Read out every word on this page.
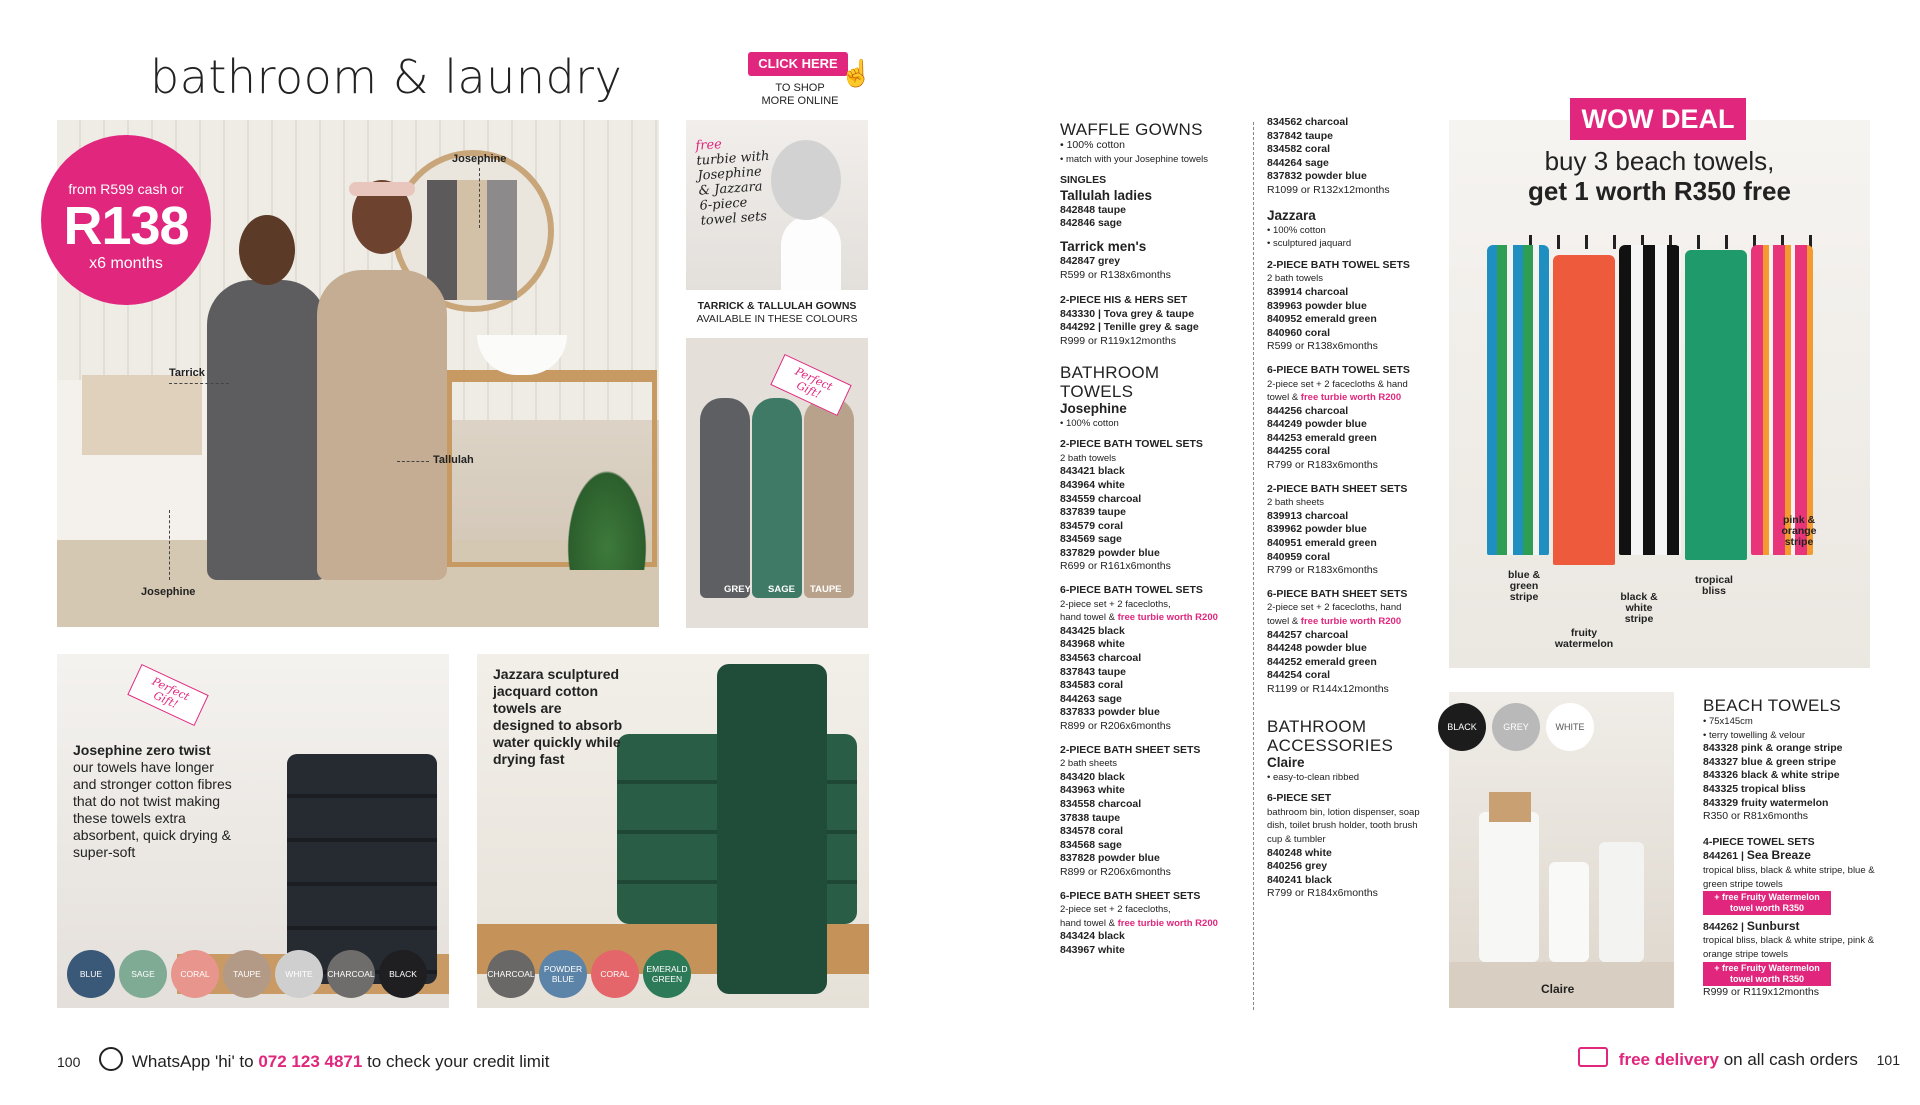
bathroom & laundry	CLICK HERE ☝
TO SHOP
MORE ONLINE
Josephine
Tarrick
Tallulah
Josephine
from R599 cash or
R138
x6 months
free
turbie with
Josephine
& Jazzara
6-piece
towel sets
TARRICK & TALLULAH GOWNS
AVAILABLE IN THESE COLOURS
GREY SAGE TAUPE
Perfect Gift!
Perfect Gift!
Josephine zero twist
our towels have longer and stronger cotton fibres that do not twist making these towels extra absorbent, quick drying & super-soft
BLUE	SAGE	CORAL	TAUPE	WHITE	CHARCOAL	BLACK
Jazzara sculptured jacquard cotton towels are designed to absorb water quickly while drying fast
CHARCOAL	POWDER BLUE	CORAL	EMERALD GREEN
100	WhatsApp 'hi' to 072 123 4871 to check your credit limit
WAFFLE GOWNS
• 100% cotton
• match with your Josephine towels
SINGLES
Tallulah ladies
842848 taupe
842846 sage
Tarrick men's
842847 grey
R599 or R138x6months
2-PIECE HIS & HERS SET
843330 | Tova grey & taupe
844292 | Tenille grey & sage
R999 or R119x12months
BATHROOM
TOWELS
Josephine
• 100% cotton
2-PIECE BATH TOWEL SETS
2 bath towels
843421 black
843964 white
834559 charcoal
837839 taupe
834579 coral
834569 sage
837829 powder blue
R699 or R161x6months
6-PIECE BATH TOWEL SETS
2-piece set + 2 facecloths,
hand towel & free turbie worth R200
843425 black
843968 white
834563 charcoal
837843 taupe
834583 coral
844263 sage
837833 powder blue
R899 or R206x6months
2-PIECE BATH SHEET SETS
2 bath sheets
843420 black
843963 white
834558 charcoal
37838 taupe
834578 coral
834568 sage
837828 powder blue
R899 or R206x6months
6-PIECE BATH SHEET SETS
2-piece set + 2 facecloths,
hand towel & free turbie worth R200
843424 black
843967 white
834562 charcoal
837842 taupe
834582 coral
844264 sage
837832 powder blue
R1099 or R132x12months
Jazzara
• 100% cotton
• sculptured jaquard
2-PIECE BATH TOWEL SETS
2 bath towels
839914 charcoal
839963 powder blue
840952 emerald green
840960 coral
R599 or R138x6months
6-PIECE BATH TOWEL SETS
2-piece set + 2 facecloths & hand
towel & free turbie worth R200
844256 charcoal
844249 powder blue
844253 emerald green
844255 coral
R799 or R183x6months
2-PIECE BATH SHEET SETS
2 bath sheets
839913 charcoal
839962 powder blue
840951 emerald green
840959 coral
R799 or R183x6months
6-PIECE BATH SHEET SETS
2-piece set + 2 facecloths, hand
towel & free turbie worth R200
844257 charcoal
844248 powder blue
844252 emerald green
844254 coral
R1199 or R144x12months
BATHROOM
ACCESSORIES
Claire
• easy-to-clean ribbed
6-PIECE SET
bathroom bin, lotion dispenser, soap dish, toilet brush holder, tooth brush cup & tumbler
840248 white
840256 grey
840241 black
R799 or R184x6months
blue & green stripe
fruity watermelon
black & white stripe
tropical bliss
pink & orange stripe
WOW DEAL
buy 3 beach towels,
get 1 worth R350 free
Claire
BLACK	GREY	WHITE
BEACH TOWELS
• 75x145cm
• terry towelling & velour
843328 pink & orange stripe
843327 blue & green stripe
843326 black & white stripe
843325 tropical bliss
843329 fruity watermelon
R350 or R81x6months
4-PIECE TOWEL SETS
844261 | Sea Breaze
tropical bliss, black & white stripe, blue & green stripe towels
+ free Fruity Watermelon towel worth R350
844262 | Sunburst
tropical bliss, black & white stripe, pink & orange stripe towels
+ free Fruity Watermelon towel worth R350
R999 or R119x12months
free delivery on all cash orders 101
